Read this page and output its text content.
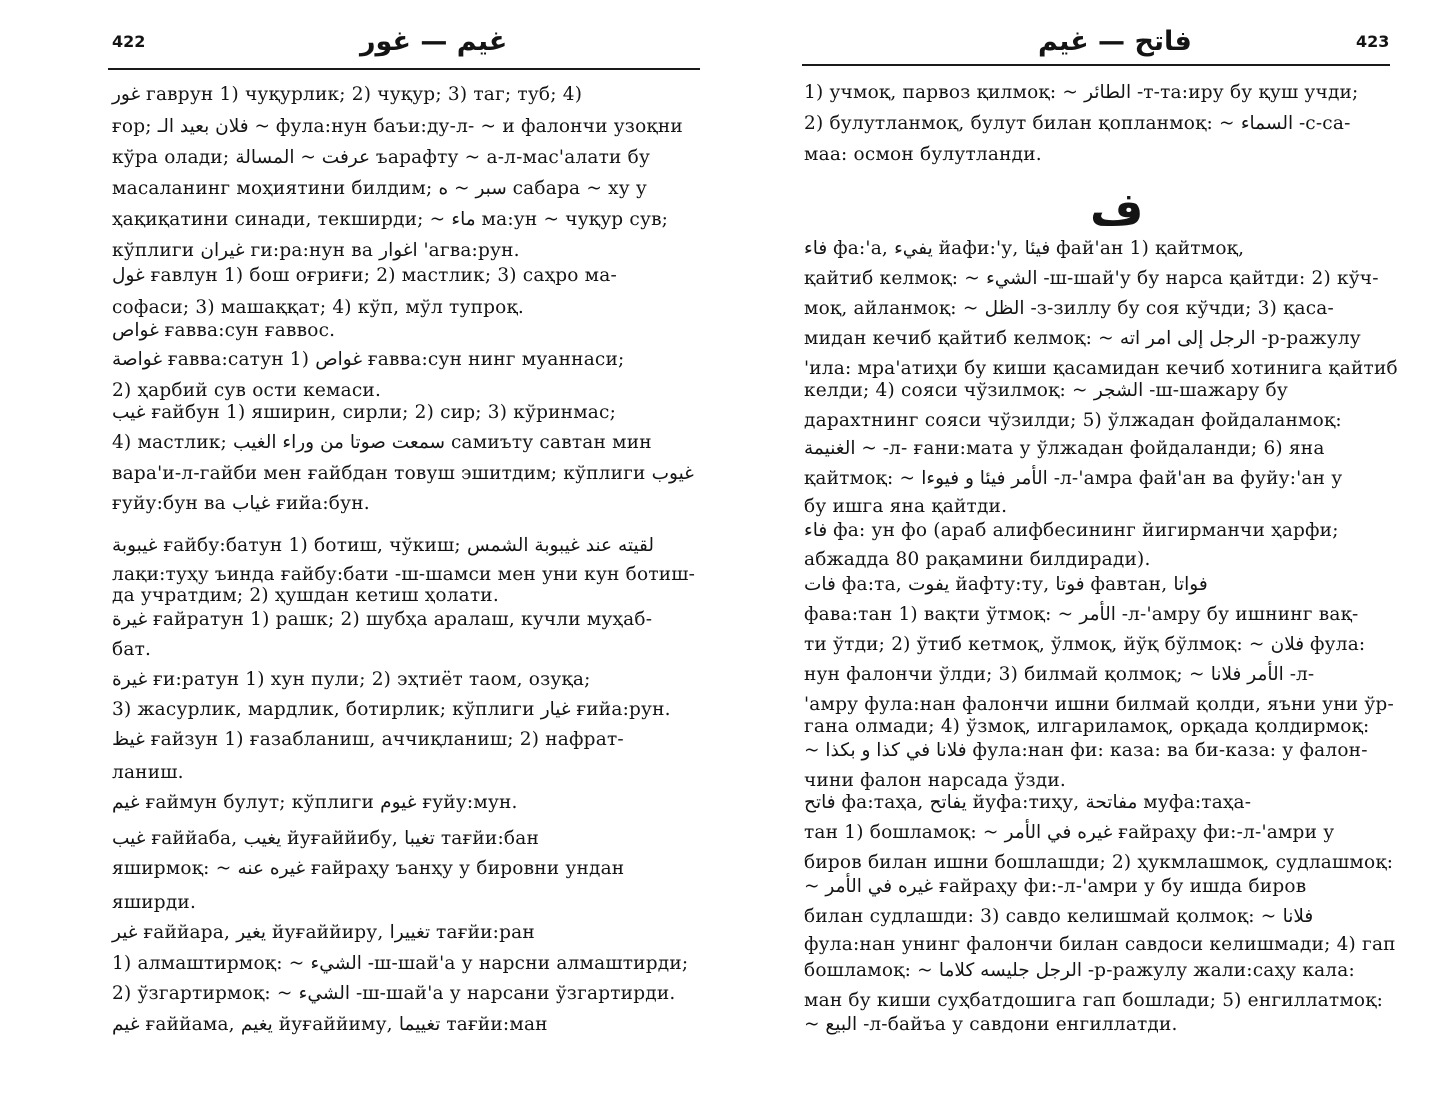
422	غيم — غور
غور гаврун 1) чуқурлик; 2) чуқур; 3) таг; туб; 4)
ғор; فلان بعيد الـ ~ фула:нун баъи:ду-л- ~ и фалончи узоқни
кўра олади; عرفت ~ المسالة ъарафту ~ а-л-мас'алати бу
масаланинг моҳиятини билдим; سبر ~ ه сабара ~ ху у
ҳақиқатини синади, текширди; ~ ماء ма:ун ~ чуқур сув;
кўплиги غيران ги:ра:нун ва اغوار 'агва:рун.
غول ғавлун 1) бош оғриғи; 2) мастлик; 3) саҳро ма-
софаси; 3) машаққат; 4) кўп, мўл тупроқ.
غواص ғавва:сун ғаввос.
غواصة ғавва:сатун 1) غواص ғавва:сун нинг муаннаси;
2) ҳарбий сув ости кемаси.
غيب ғайбун 1) яширин, сирли; 2) сир; 3) кўринмас;
4) мастлик; سمعت صوتا من وراء الغيب самиъту савтан мин
вара'и-л-гайби мен ғайбдан товуш эшитдим; кўплиги غيوب
ғуйу:бун ва غياب ғийа:бун.
غيبوبة ғайбу:батун 1) ботиш, чўкиш; لقيته عند غيبوبة الشمس
лақи:туҳу ъинда ғайбу:бати -ш-шамси мен уни кун ботиш-
да учратдим; 2) ҳушдан кетиш ҳолати.
غيرة ғайратун 1) рашк; 2) шубҳа аралаш, кучли муҳаб-
бат.
غيرة ғи:ратун 1) хун пули; 2) эҳтиёт таом, озуқа;
3) жасурлик, мардлик, ботирлик; кўплиги غيار ғийа:рун.
غيظ ғайзун 1) ғазабланиш, аччиқланиш; 2) нафрат-
ланиш.
غيم ғаймун булут; кўплиги غيوم ғуйу:мун.
غيب ғаййаба, يغيب йуғаййибу, تغيبا тағйи:бан
яширмоқ: ~ غيره عنه ғайраҳу ъанҳу у бировни ундан
яширди.
غير ғаййара, يغير йуғаййиру, تغييرا тағйи:ран
1) алмаштирмоқ: ~ الشيء -ш-шай'а у нарсни алмаштирди;
2) ўзгартирмоқ: ~ الشيء -ш-шай'а у нарсани ўзгартирди.
غيم ғаййама, يغيم йуғаййиму, تغييما тағйи:ман
423
فاتح — غيم
1) учмоқ, парвоз қилмоқ: ~ الطائر -т-та:иру бу қуш учди;
2) булутланмоқ, булут билан қопланмоқ: ~ السماء -с-са-
маа: осмон булутланди.
ف
فاء фа:'а, يفيء йафи:'у, فيئا фай'ан 1) қайтмоқ,
қайтиб келмоқ: ~ الشيء -ш-шай'у бу нарса қайтди: 2) кўч-
моқ, айланмоқ: ~ الظل -з-зиллу бу соя кўчди; 3) қаса-
мидан кечиб қайтиб келмоқ: ~ الرجل إلى امر اته -р-ражулу
'ила: мра'атиҳи бу киши қасамидан кечиб хотинига қайтиб
келди; 4) сояси чўзилмоқ: ~ الشجر -ш-шажару бу
дарахтнинг сояси чўзилди; 5) ўлжадан фойдаланмоқ:
الغنيمة ~ -л- ғани:мата у ўлжадан фойдаланди; 6) яна
қайтмоқ: ~ الأمر فيئا و فيوءا -л-'амра фай'ан ва фуйу:'ан у
бу ишга яна қайтди.
فاء фа: ун фо (араб алифбесининг йигирманчи ҳарфи;
абжадда 80 рақамини билдиради).
فات фа:та, يفوت йафту:ту, فوتا фавтан, فواتا
фава:тан 1) вақти ўтмоқ: ~ الأمر -л-'амру бу ишнинг вақ-
ти ўтди; 2) ўтиб кетмоқ, ўлмоқ, йўқ бўлмоқ: ~ فلان фула:
нун фалончи ўлди; 3) билмай қолмоқ; ~ الأمر فلانا -л-
'амру фула:нан фалончи ишни билмай қолди, яъни уни ўр-
гана олмади; 4) ўзмоқ, илгариламоқ, орқада қолдирмоқ:
~ فلانا في كذا و بكذا фула:нан фи: каза: ва би-каза: у фалон-
чини фалон нарсада ўзди.
فاتح фа:таҳа, يفاتح йуфа:тиҳу, مفاتحة муфа:таҳа-
тан 1) бошламоқ: ~ غيره في الأمر ғайраҳу фи:-л-'амри у
биров билан ишни бошлашди; 2) ҳукмлашмоқ, судлашмоқ:
~ غيره في الأمر ғайраҳу фи:-л-'амри у бу ишда биров
билан судлашди: 3) савдо келишмай қолмоқ: ~ فلانا
фула:нан унинг фалончи билан савдоси келишмади; 4) гап
бошламоқ: ~ الرجل جليسه كلاما -р-ражулу жали:саҳу кала:
ман бу киши суҳбатдошига гап бошлади; 5) енгиллатмоқ:
~ البيع -л-байъа у савдони енгиллатди.
